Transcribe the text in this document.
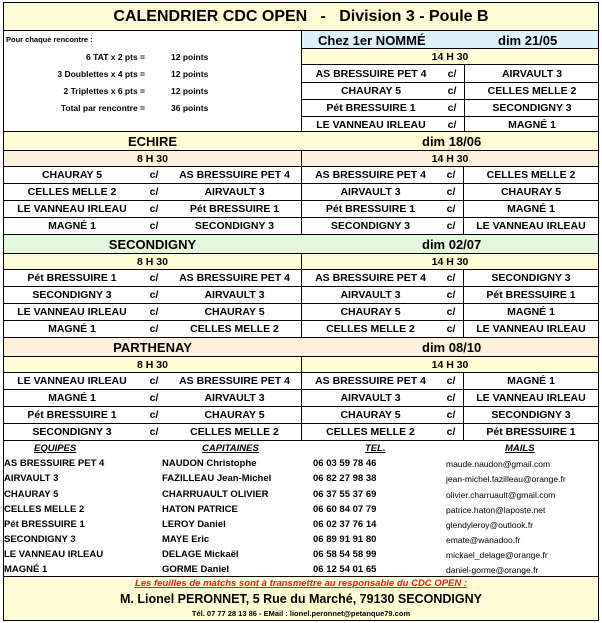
CALENDRIER CDC OPEN   -   Division 3 - Poule B
Pour chaque rencontre :
6 TAT x 2 pts =	12 points
3 Doublettes x 4 pts =	12 points
2 Triplettes x 6 pts =	12 points
Total par rencontre =	36 points
Chez 1er NOMMÉ	dim 21/05
14 H 30
AS BRESSUIRE PET 4	c/	AIRVAULT 3
CHAURAY 5	c/	CELLES MELLE 2
Pét BRESSUIRE 1	c/	SECONDIGNY 3
LE VANNEAU IRLEAU	c/	MAGNÉ 1
ECHIRE	dim 18/06
8 H 30	14 H 30
CHAURAY 5	c/	AS BRESSUIRE PET 4	AS BRESSUIRE PET 4	c/	CELLES MELLE 2
CELLES MELLE 2	c/	AIRVAULT 3	AIRVAULT 3	c/	CHAURAY 5
LE VANNEAU IRLEAU	c/	Pét BRESSUIRE 1	Pét BRESSUIRE 1	c/	MAGNÉ 1
MAGNÉ 1	c/	SECONDIGNY 3	SECONDIGNY 3	c/	LE VANNEAU IRLEAU
SECONDIGNY	dim 02/07
8 H 30	14 H 30
Pét BRESSUIRE 1	c/	AS BRESSUIRE PET 4	AS BRESSUIRE PET 4	c/	SECONDIGNY 3
SECONDIGNY 3	c/	AIRVAULT 3	AIRVAULT 3	c/	Pét BRESSUIRE 1
LE VANNEAU IRLEAU	c/	CHAURAY 5	CHAURAY 5	c/	MAGNÉ 1
MAGNÉ 1	c/	CELLES MELLE 2	CELLES MELLE 2	c/	LE VANNEAU IRLEAU
PARTHENAY	dim 08/10
8 H 30	14 H 30
LE VANNEAU IRLEAU	c/	AS BRESSUIRE PET 4	AS BRESSUIRE PET 4	c/	MAGNÉ 1
MAGNÉ 1	c/	AIRVAULT 3	AIRVAULT 3	c/	LE VANNEAU IRLEAU
Pét BRESSUIRE 1	c/	CHAURAY 5	CHAURAY 5	c/	SECONDIGNY 3
SECONDIGNY 3	c/	CELLES MELLE 2	CELLES MELLE 2	c/	Pét BRESSUIRE 1
EQUIPES	CAPITAINES	TEL.	MAILS
AS BRESSUIRE PET 4	NAUDON Christophe	06 03 59 78 46	maude.naudon@gmail.com
AIRVAULT 3	FAZILLEAU Jean-Michel	06 82 27 98 38	jean-michel.fazilleau@orange.fr
CHAURAY 5	CHARRUAULT OLIVIER	06 37 55 37 69	olivier.charruault@gmail.com
CELLES MELLE 2	HATON PATRICE	06 60 84 07 79	patrice.haton@laposte.net
Pét BRESSUIRE 1	LEROY Daniel	06 02 37 76 14	glendyleroy@outlook.fr
SECONDIGNY 3	MAYE Eric	06 89 91 91 80	emate@wanadoo.fr
LE VANNEAU IRLEAU	DELAGE Mickaël	06 58 54 58 99	mickael_delage@orange.fr
MAGNÉ 1	GORME Daniel	06 12 54 01 65	daniel-gorme@orange.fr
Les feuilles de matchs sont à transmettre au responsable du CDC OPEN :
M. Lionel PERONNET, 5 Rue du Marché, 79130 SECONDIGNY
Tél. 07 77 28 13 86 - EMail : lionel.peronnet@petanque79.com
